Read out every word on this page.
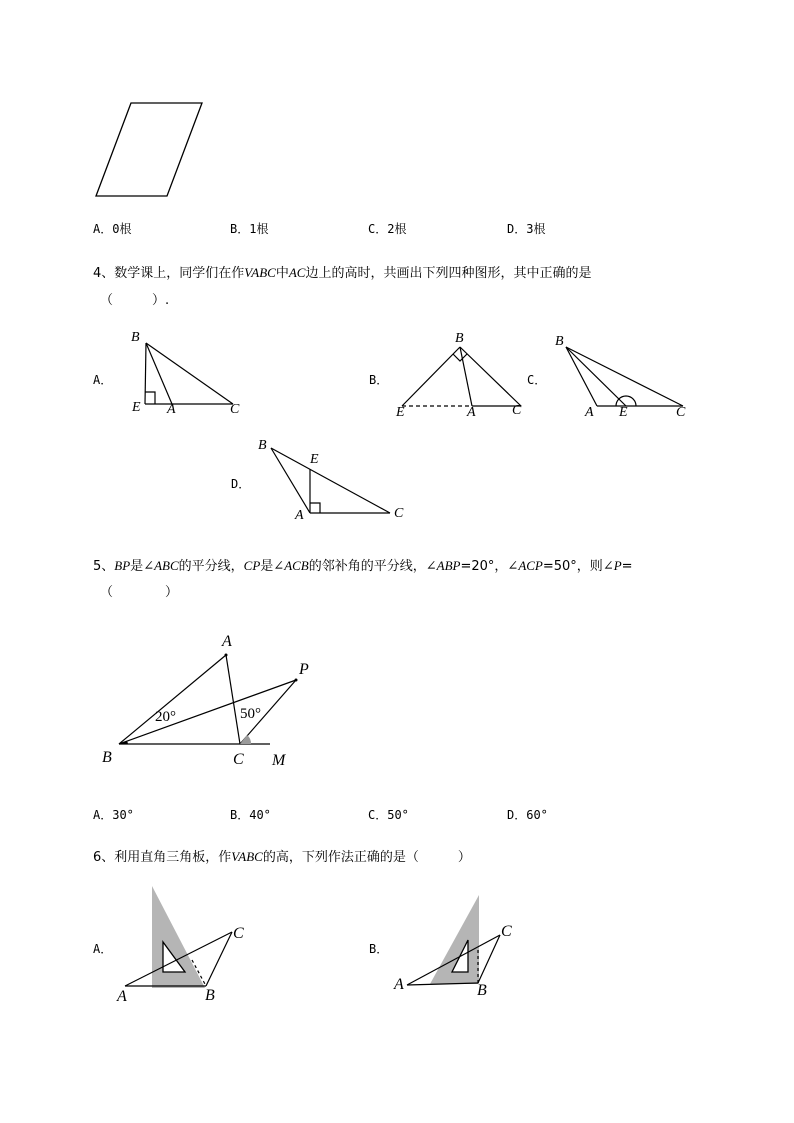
A．0根	B．1根	C．2根	D．3根
4、数学课上，同学们在作VABC中AC边上的高时，共画出下列四种图形，其中正确的是
（　　　）.
A．	B．	C．
D．
B
E A	C
B
E	A	C
B
A E	C
B
E
A	C
5、BP是∠ABC的平分线，CP是∠ACB的邻补角的平分线，∠ABP=20°，∠ACP=50°，则∠P=
（　　　　）
A
P
B	C M
20°	50°
A．30°	B．40°	C．50°	D．60°
6、利用直角三角板，作VABC的高，下列作法正确的是（　　　）
A．	B．
A	B
C
A	B
C
